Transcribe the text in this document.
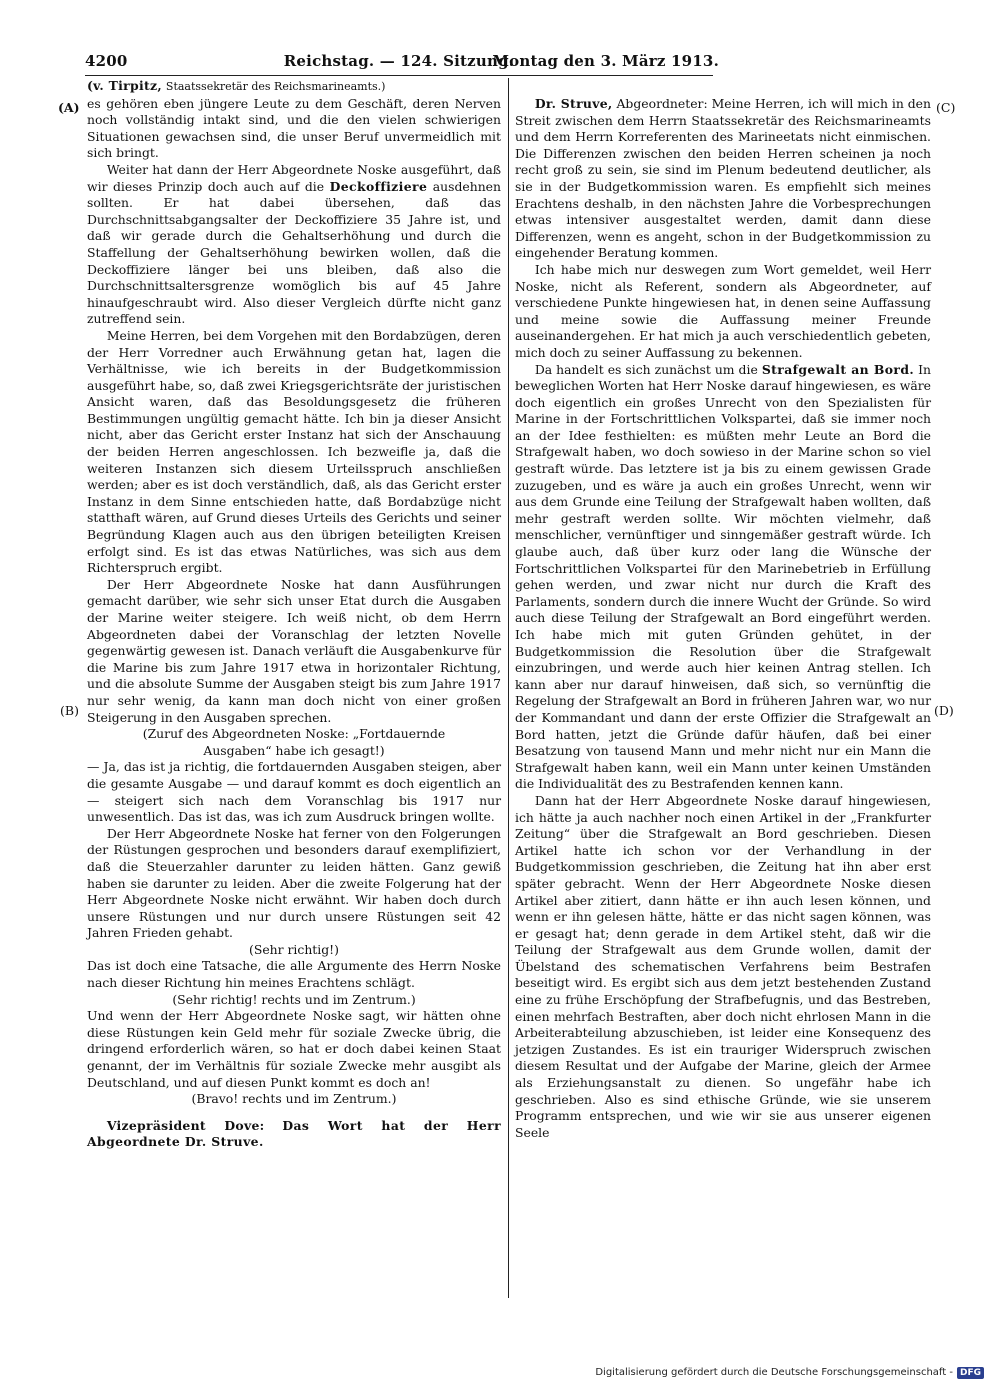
4200	Reichstag. — 124. Sitzung.
Montag den 3. März 1913.
(A)
(B)
(C)
(D)

(v. Tirpitz, Staatssekretär des Reichsmarineamts.)

es gehören eben jüngere Leute zu dem Geschäft, deren Nerven noch vollständig intakt sind, und die den vielen schwierigen Situationen gewachsen sind, die unser Beruf unvermeidlich mit sich bringt.

Weiter hat dann der Herr Abgeordnete Noske ausgeführt, daß wir dieses Prinzip doch auch auf die Deckoffiziere ausdehnen sollten. Er hat dabei übersehen, daß das Durchschnittsabgangsalter der Deckoffiziere 35 Jahre ist, und daß wir gerade durch die Gehaltserhöhung und durch die Staffellung der Gehaltserhöhung bewirken wollen, daß die Deckoffiziere länger bei uns bleiben, daß also die Durchschnittsaltersgrenze womöglich bis auf 45 Jahre hinaufgeschraubt wird. Also dieser Vergleich dürfte nicht ganz zutreffend sein.

Meine Herren, bei dem Vorgehen mit den Bordabzügen, deren der Herr Vorredner auch Erwähnung getan hat, lagen die Verhältnisse, wie ich bereits in der Budgetkommission ausgeführt habe, so, daß zwei Kriegsgerichtsräte der juristischen Ansicht waren, daß das Besoldungsgesetz die früheren Bestimmungen ungültig gemacht hätte. Ich bin ja dieser Ansicht nicht, aber das Gericht erster Instanz hat sich der Anschauung der beiden Herren angeschlossen. Ich bezweifle ja, daß die weiteren Instanzen sich diesem Urteilsspruch anschließen werden; aber es ist doch verständlich, daß, als das Gericht erster Instanz in dem Sinne entschieden hatte, daß Bordabzüge nicht statthaft wären, auf Grund dieses Urteils des Gerichts und seiner Begründung Klagen auch aus den übrigen beteiligten Kreisen erfolgt sind. Es ist das etwas Natürliches, was sich aus dem Richterspruch ergibt.

Der Herr Abgeordnete Noske hat dann Ausführungen gemacht darüber, wie sehr sich unser Etat durch die Ausgaben der Marine weiter steigere. Ich weiß nicht, ob dem Herrn Abgeordneten dabei der Voranschlag der letzten Novelle gegenwärtig gewesen ist. Danach verläuft die Ausgabenkurve für die Marine bis zum Jahre 1917 etwa in horizontaler Richtung, und die absolute Summe der Ausgaben steigt bis zum Jahre 1917 nur sehr wenig, da kann man doch nicht von einer großen Steigerung in den Ausgaben sprechen.

(Zuruf des Abgeordneten Noske: „Fortdauernde Ausgaben“ habe ich gesagt!)

— Ja, das ist ja richtig, die fortdauernden Ausgaben steigen, aber die gesamte Ausgabe — und darauf kommt es doch eigentlich an — steigert sich nach dem Voranschlag bis 1917 nur unwesentlich. Das ist das, was ich zum Ausdruck bringen wollte.

Der Herr Abgeordnete Noske hat ferner von den Folgerungen der Rüstungen gesprochen und besonders darauf exemplifiziert, daß die Steuerzahler darunter zu leiden hätten. Ganz gewiß haben sie darunter zu leiden. Aber die zweite Folgerung hat der Herr Abgeordnete Noske nicht erwähnt. Wir haben doch durch unsere Rüstungen und nur durch unsere Rüstungen seit 42 Jahren Frieden gehabt.

(Sehr richtig!)

Das ist doch eine Tatsache, die alle Argumente des Herrn Noske nach dieser Richtung hin meines Erachtens schlägt.

(Sehr richtig! rechts und im Zentrum.)

Und wenn der Herr Abgeordnete Noske sagt, wir hätten ohne diese Rüstungen kein Geld mehr für soziale Zwecke übrig, die dringend erforderlich wären, so hat er doch dabei keinen Staat genannt, der im Verhältnis für soziale Zwecke mehr ausgibt als Deutschland, und auf diesen Punkt kommt es doch an!

(Bravo! rechts und im Zentrum.)

Vizepräsident Dove: Das Wort hat der Herr Abgeordnete Dr. Struve.

Dr. Struve, Abgeordneter: Meine Herren, ich will mich in den Streit zwischen dem Herrn Staatssekretär des Reichsmarineamts und dem Herrn Korreferenten des Marineetats nicht einmischen. Die Differenzen zwischen den beiden Herren scheinen ja noch recht groß zu sein, sie sind im Plenum bedeutend deutlicher, als sie in der Budgetkommission waren. Es empfiehlt sich meines Erachtens deshalb, in den nächsten Jahre die Vorbesprechungen etwas intensiver ausgestaltet werden, damit dann diese Differenzen, wenn es angeht, schon in der Budgetkommission zu eingehender Beratung kommen.

Ich habe mich nur deswegen zum Wort gemeldet, weil Herr Noske, nicht als Referent, sondern als Abgeordneter, auf verschiedene Punkte hingewiesen hat, in denen seine Auffassung und meine sowie die Auffassung meiner Freunde auseinandergehen. Er hat mich ja auch verschiedentlich gebeten, mich doch zu seiner Auffassung zu bekennen.

Da handelt es sich zunächst um die Strafgewalt an Bord. In beweglichen Worten hat Herr Noske darauf hingewiesen, es wäre doch eigentlich ein großes Unrecht von den Spezialisten für Marine in der Fortschrittlichen Volkspartei, daß sie immer noch an der Idee festhielten: es müßten mehr Leute an Bord die Strafgewalt haben, wo doch sowieso in der Marine schon so viel gestraft würde. Das letztere ist ja bis zu einem gewissen Grade zuzugeben, und es wäre ja auch ein großes Unrecht, wenn wir aus dem Grunde eine Teilung der Strafgewalt haben wollten, daß mehr gestraft werden sollte. Wir möchten vielmehr, daß menschlicher, vernünftiger und sinngemäßer gestraft würde. Ich glaube auch, daß über kurz oder lang die Wünsche der Fortschrittlichen Volkspartei für den Marinebetrieb in Erfüllung gehen werden, und zwar nicht nur durch die Kraft des Parlaments, sondern durch die innere Wucht der Gründe. So wird auch diese Teilung der Strafgewalt an Bord eingeführt werden. Ich habe mich mit guten Gründen gehütet, in der Budgetkommission die Resolution über die Strafgewalt einzubringen, und werde auch hier keinen Antrag stellen. Ich kann aber nur darauf hinweisen, daß sich, so vernünftig die Regelung der Strafgewalt an Bord in früheren Jahren war, wo nur der Kommandant und dann der erste Offizier die Strafgewalt an Bord hatten, jetzt die Gründe dafür häufen, daß bei einer Besatzung von tausend Mann und mehr nicht nur ein Mann die Strafgewalt haben kann, weil ein Mann unter keinen Umständen die Individualität des zu Bestrafenden kennen kann.

Dann hat der Herr Abgeordnete Noske darauf hingewiesen, ich hätte ja auch nachher noch einen Artikel in der „Frankfurter Zeitung“ über die Strafgewalt an Bord geschrieben. Diesen Artikel hatte ich schon vor der Verhandlung in der Budgetkommission geschrieben, die Zeitung hat ihn aber erst später gebracht. Wenn der Herr Abgeordnete Noske diesen Artikel aber zitiert, dann hätte er ihn auch lesen können, und wenn er ihn gelesen hätte, hätte er das nicht sagen können, was er gesagt hat; denn gerade in dem Artikel steht, daß wir die Teilung der Strafgewalt aus dem Grunde wollen, damit der Übelstand des schematischen Verfahrens beim Bestrafen beseitigt wird. Es ergibt sich aus dem jetzt bestehenden Zustand eine zu frühe Erschöpfung der Strafbefugnis, und das Bestreben, einen mehrfach Bestraften, aber doch nicht ehrlosen Mann in die Arbeiterabteilung abzuschieben, ist leider eine Konsequenz des jetzigen Zustandes. Es ist ein trauriger Widerspruch zwischen diesem Resultat und der Aufgabe der Marine, gleich der Armee als Erziehungsanstalt zu dienen. So ungefähr habe ich geschrieben. Also es sind ethische Gründe, wie sie unserem Programm entsprechen, und wie wir sie aus unserer eigenen Seele

Digitalisierung gefördert durch die Deutsche Forschungsgemeinschaft - DFG
